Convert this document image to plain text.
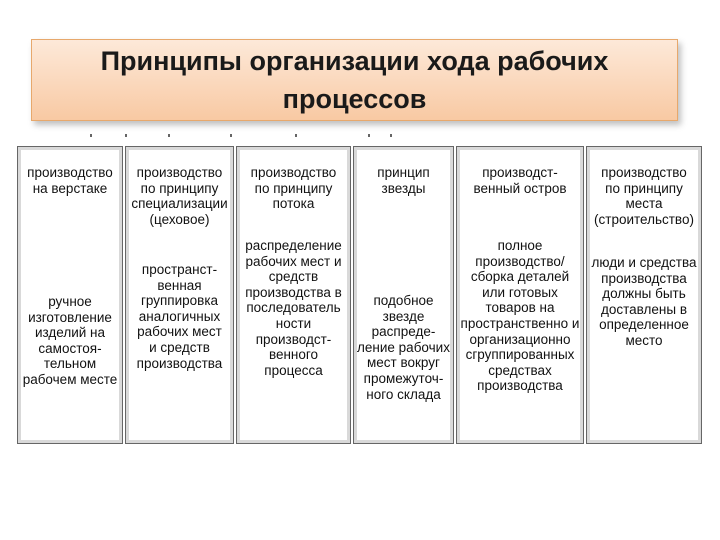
Принципы организации хода рабочих процессов
производство
на верстаке
ручное
изготовление
изделий на
самостоя-
тельном
рабочем месте
производство
по принципу
специализации
(цеховое)
пространст-
венная
группировка
аналогичных
рабочих мест
и средств
производства
производство
по принципу
потока
распределение
рабочих мест и
средств
производства в
последователь
ности
производст-
венного
процесса
принцип
звезды
подобное
звезде
распреде-
ление рабочих
мест вокруг
промежуточ-
ного склада
производст-
венный остров
полное
производство/
сборка деталей
или готовых
товаров на
пространственно и
организационно
сгруппированных
средствах
производства
производство
по принципу
места
(строительство)
люди и средства
производства
должны быть
доставлены в
определенное
место
